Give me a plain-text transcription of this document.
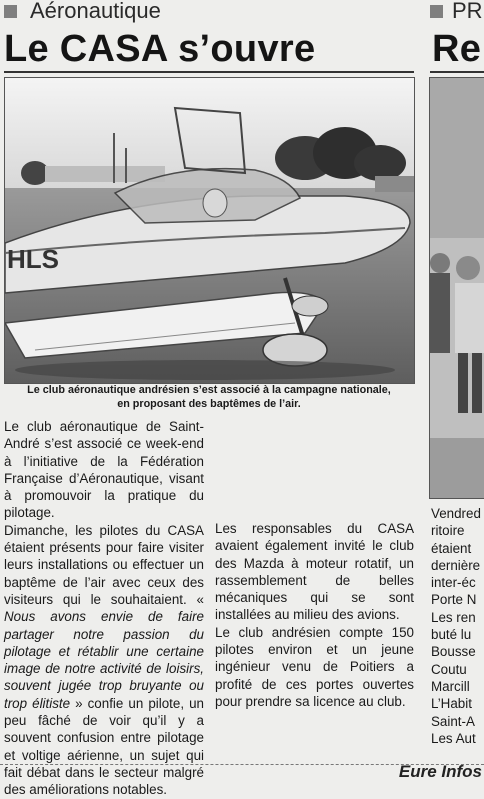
Aéronautique	PR
Le CASA s’ouvre	Re
HLS
Le club aéronautique andrésien s’est associé à la campagne nationale,
en proposant des baptêmes de l’air.

Le club aéronautique de Saint-André s’est associé ce week-end à l’initiative de la Fédération Française d’Aéronautique, visant à promouvoir la pratique du pilotage.

Dimanche, les pilotes du CASA étaient présents pour faire visiter leurs installations ou effectuer un baptême de l’air avec ceux des visiteurs qui le souhaitaient. « Nous avons envie de faire partager notre passion du pilotage et rétablir une certaine image de notre activité de loisirs, souvent jugée trop bruyante ou trop élitiste » confie un pilote, un peu fâché de voir qu’il y a souvent confusion entre pilotage et voltige aérienne, un sujet qui fait débat dans le secteur malgré des améliorations notables.

Les responsables du CASA avaient également invité le club des Mazda à moteur rotatif, un rassemblement de belles mécaniques qui se sont installées au milieu des avions.

Le club andrésien compte 150 pilotes environ et un jeune ingénieur venu de Poitiers a profité de ces portes ouvertes pour prendre sa licence au club.

Vendred
ritoire
étaient
dernière
inter-éc
Porte N
Les ren
buté lu
Bousse
Coutu
Marcill
L’Habit
Saint-A
Les Aut
Eure Infos
